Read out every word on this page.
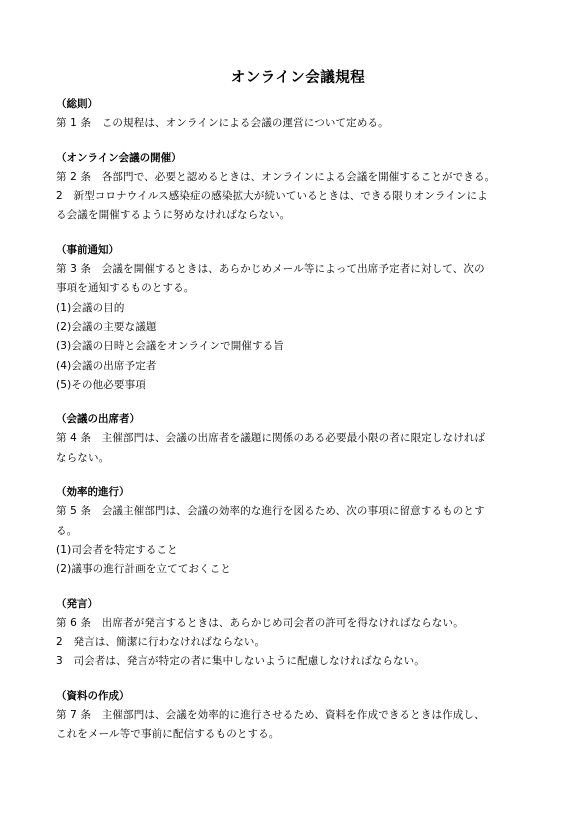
オンライン会議規程
（総則）
第 1 条　この規程は、オンラインによる会議の運営について定める。
（オンライン会議の開催）
第 2 条　各部門で、必要と認めるときは、オンラインによる会議を開催することができる。
2　新型コロナウイルス感染症の感染拡大が続いているときは、できる限りオンラインによ
る会議を開催するように努めなければならない。
（事前通知）
第 3 条　会議を開催するときは、あらかじめメール等によって出席予定者に対して、次の
事項を通知するものとする。
(1)会議の目的
(2)会議の主要な議題
(3)会議の日時と会議をオンラインで開催する旨
(4)会議の出席予定者
(5)その他必要事項
（会議の出席者）
第 4 条　主催部門は、会議の出席者を議題に関係のある必要最小限の者に限定しなければ
ならない。
（効率的進行）
第 5 条　会議主催部門は、会議の効率的な進行を図るため、次の事項に留意するものとす
る。
(1)司会者を特定すること
(2)議事の進行計画を立てておくこと
（発言）
第 6 条　出席者が発言するときは、あらかじめ司会者の許可を得なければならない。
2　発言は、簡潔に行わなければならない。
3　司会者は、発言が特定の者に集中しないように配慮しなければならない。
（資料の作成）
第 7 条　主催部門は、会議を効率的に進行させるため、資料を作成できるときは作成し、
これをメール等で事前に配信するものとする。
